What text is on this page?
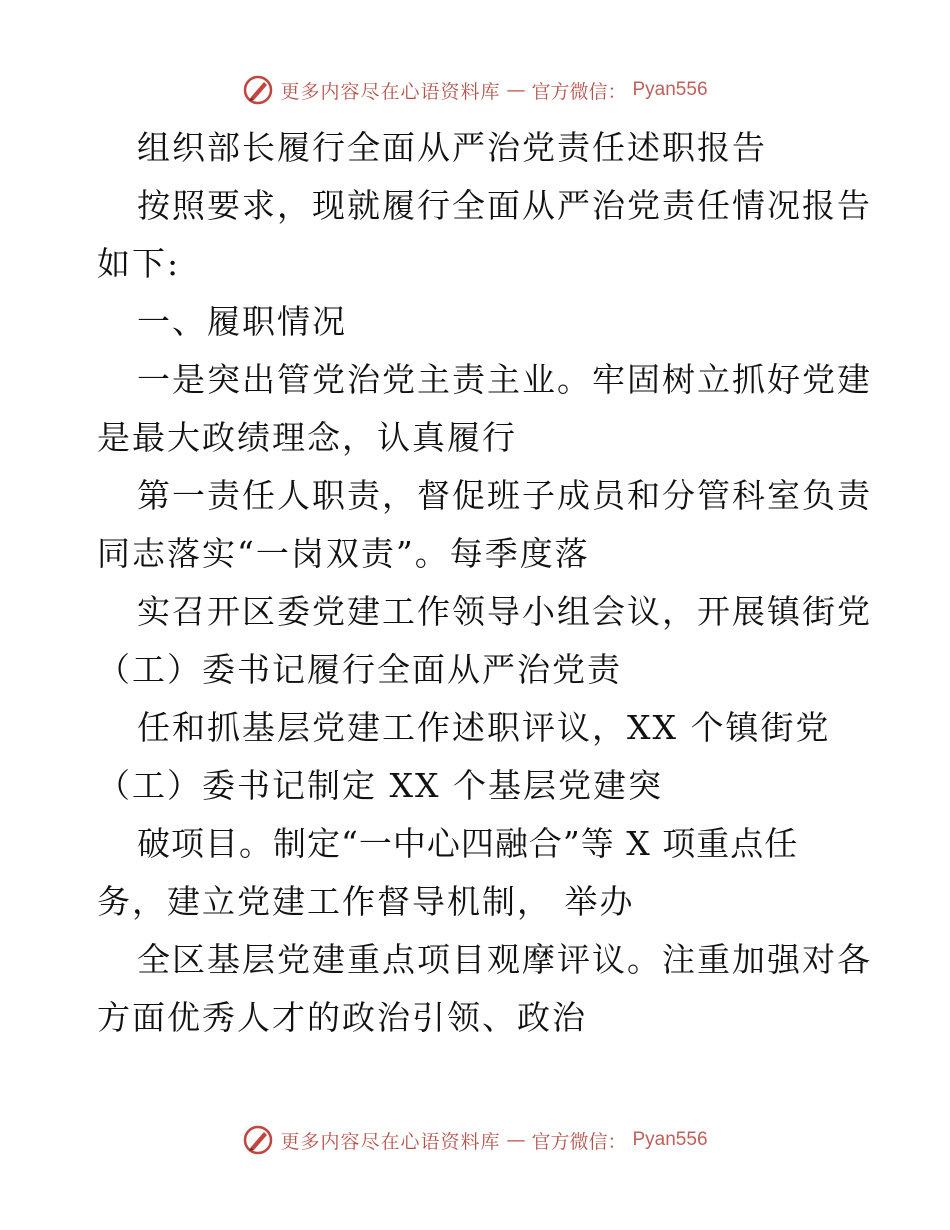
更多内容尽在心语资料库 — 官方微信： Pyan556

组织部长履行全面从严治党责任述职报告

按照要求，现就履行全面从严治党责任情况报告

如下:

一、履职情况

一是突出管党治党主责主业。牢固树立抓好党建

是最大政绩理念，认真履行

第一责任人职责，督促班子成员和分管科室负责

同志落实“一岗双责”。每季度落

实召开区委党建工作领导小组会议，开展镇街党

（工）委书记履行全面从严治党责

任和抓基层党建工作述职评议，XX 个镇街党

（工）委书记制定 XX 个基层党建突

破项目。制定“一中心四融合”等 X 项重点任

务，建立党建工作督导机制， 举办

全区基层党建重点项目观摩评议。注重加强对各

方面优秀人才的政治引领、政治

更多内容尽在心语资料库 — 官方微信： Pyan556
